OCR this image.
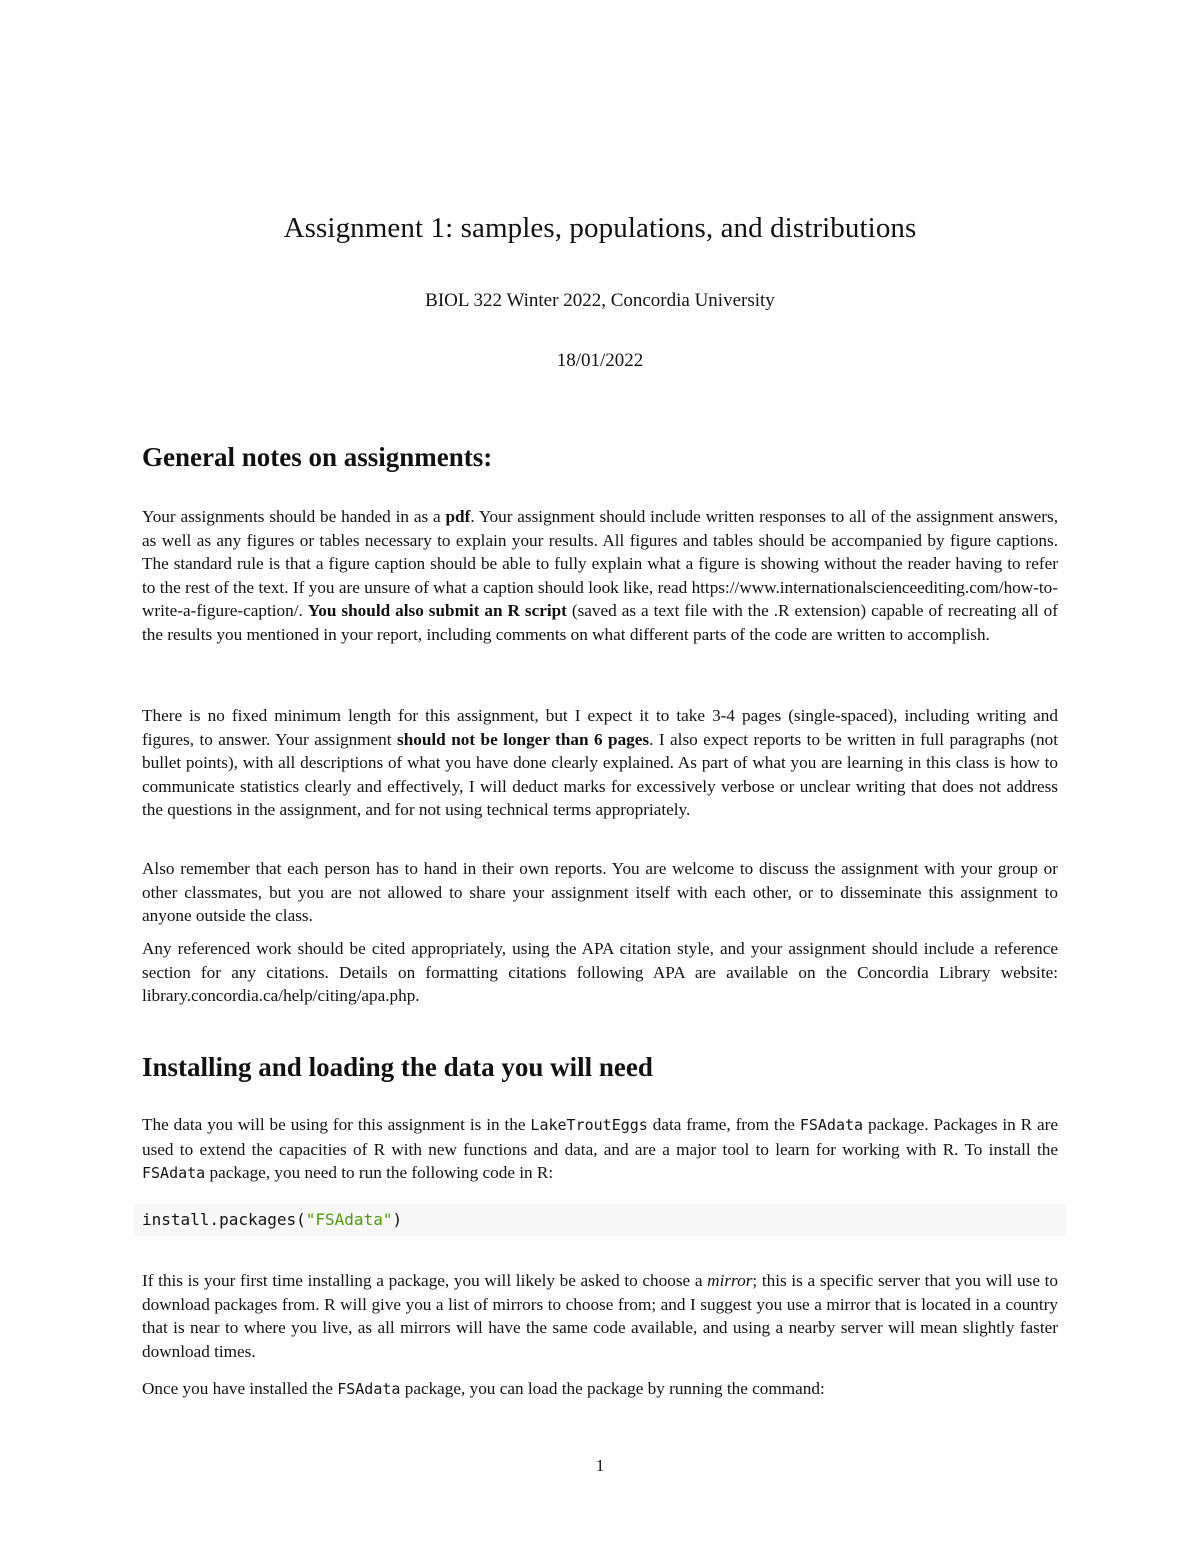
Assignment 1: samples, populations, and distributions

BIOL 322 Winter 2022, Concordia University

18/01/2022

General notes on assignments:

Your assignments should be handed in as a pdf. Your assignment should include written responses to all of the assignment answers, as well as any figures or tables necessary to explain your results. All figures and tables should be accompanied by figure captions. The standard rule is that a figure caption should be able to fully explain what a figure is showing without the reader having to refer to the rest of the text. If you are unsure of what a caption should look like, read https://www.internationalscienceediting.com/how-to-write-a-figure-caption/. You should also submit an R script (saved as a text file with the .R extension) capable of recreating all of the results you mentioned in your report, including comments on what different parts of the code are written to accomplish.

There is no fixed minimum length for this assignment, but I expect it to take 3-4 pages (single-spaced), including writing and figures, to answer. Your assignment should not be longer than 6 pages. I also expect reports to be written in full paragraphs (not bullet points), with all descriptions of what you have done clearly explained. As part of what you are learning in this class is how to communicate statistics clearly and effectively, I will deduct marks for excessively verbose or unclear writing that does not address the questions in the assignment, and for not using technical terms appropriately.

Also remember that each person has to hand in their own reports. You are welcome to discuss the assignment with your group or other classmates, but you are not allowed to share your assignment itself with each other, or to disseminate this assignment to anyone outside the class.

Any referenced work should be cited appropriately, using the APA citation style, and your assignment should include a reference section for any citations. Details on formatting citations following APA are available on the Concordia Library website: library.concordia.ca/help/citing/apa.php.

Installing and loading the data you will need

The data you will be using for this assignment is in the LakeTroutEggs data frame, from the FSAdata package. Packages in R are used to extend the capacities of R with new functions and data, and are a major tool to learn for working with R. To install the FSAdata package, you need to run the following code in R:

install.packages("FSAdata")

If this is your first time installing a package, you will likely be asked to choose a mirror; this is a specific server that you will use to download packages from. R will give you a list of mirrors to choose from; and I suggest you use a mirror that is located in a country that is near to where you live, as all mirrors will have the same code available, and using a nearby server will mean slightly faster download times.

Once you have installed the FSAdata package, you can load the package by running the command:

1
